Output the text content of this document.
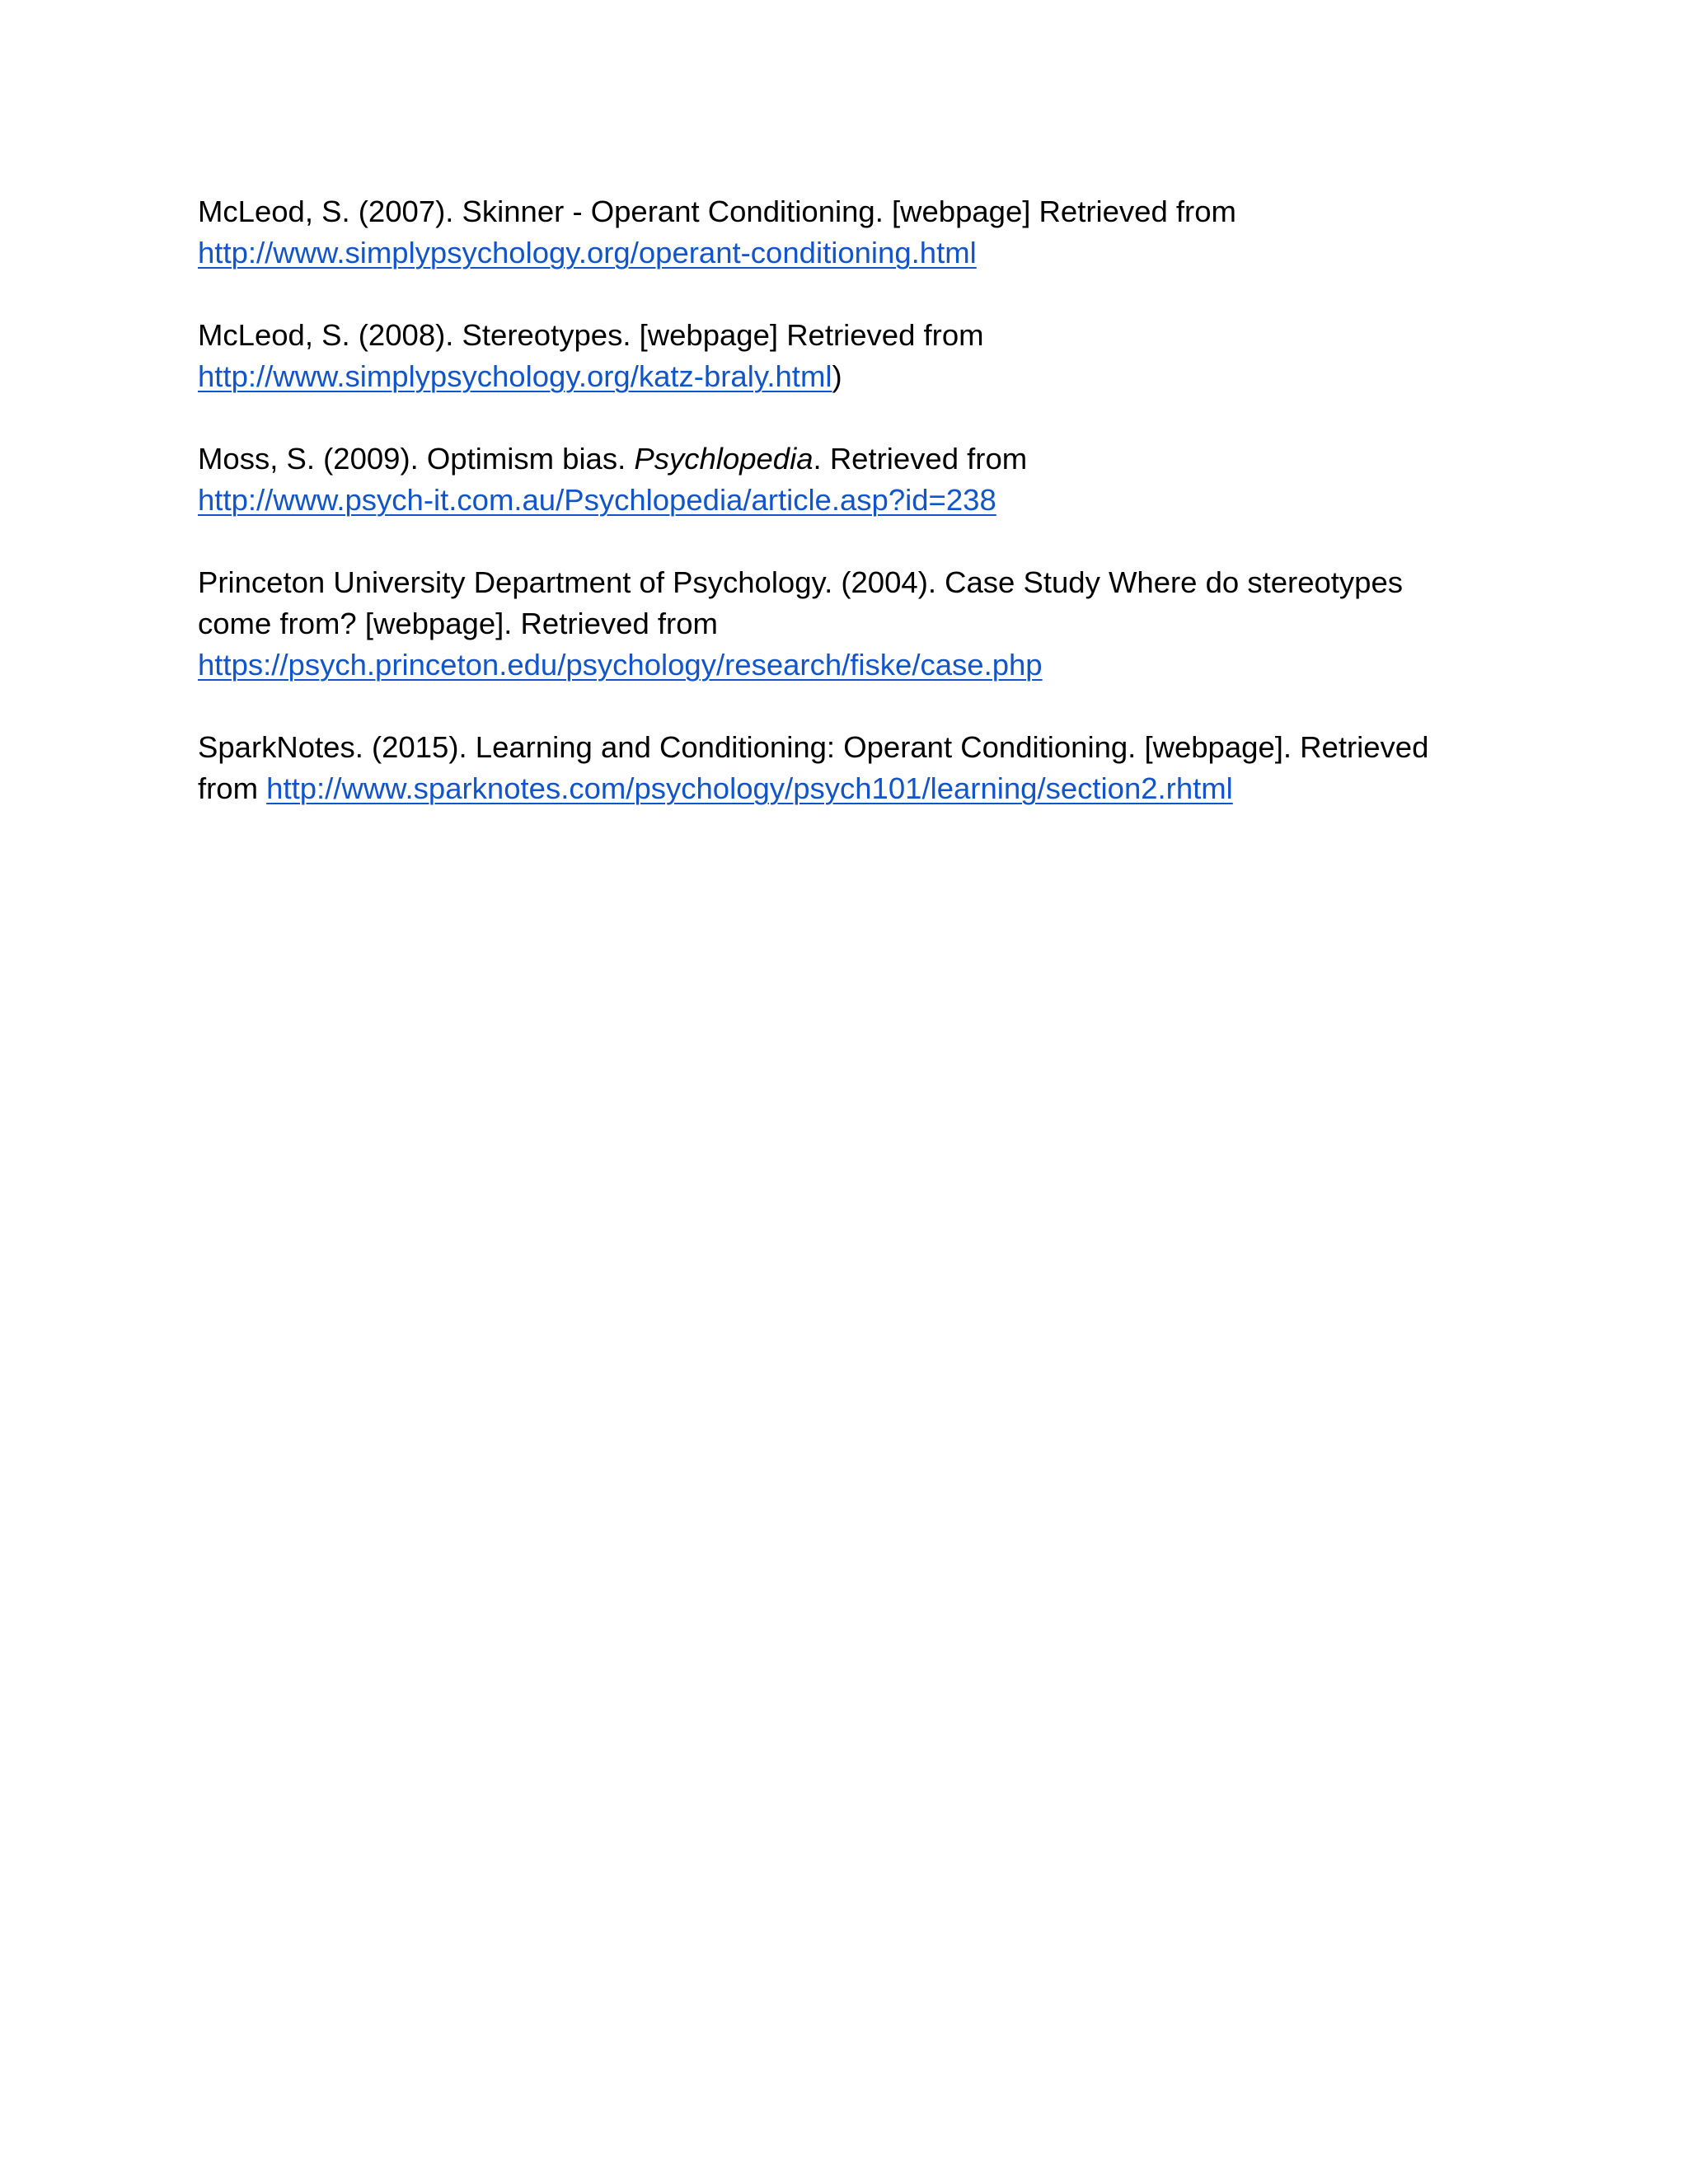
McLeod, S. (2007). Skinner - Operant Conditioning. [webpage] Retrieved from
http://www.simplypsychology.org/operant-conditioning.html

McLeod, S. (2008). Stereotypes. [webpage] Retrieved from
http://www.simplypsychology.org/katz-braly.html)

Moss, S. (2009). Optimism bias. Psychlopedia. Retrieved from
http://www.psych-it.com.au/Psychlopedia/article.asp?id=238

Princeton University Department of Psychology. (2004). Case Study Where do stereotypes
come from? [webpage]. Retrieved from
https://psych.princeton.edu/psychology/research/fiske/case.php

SparkNotes. (2015). Learning and Conditioning: Operant Conditioning. [webpage]. Retrieved
from http://www.sparknotes.com/psychology/psych101/learning/section2.rhtml
